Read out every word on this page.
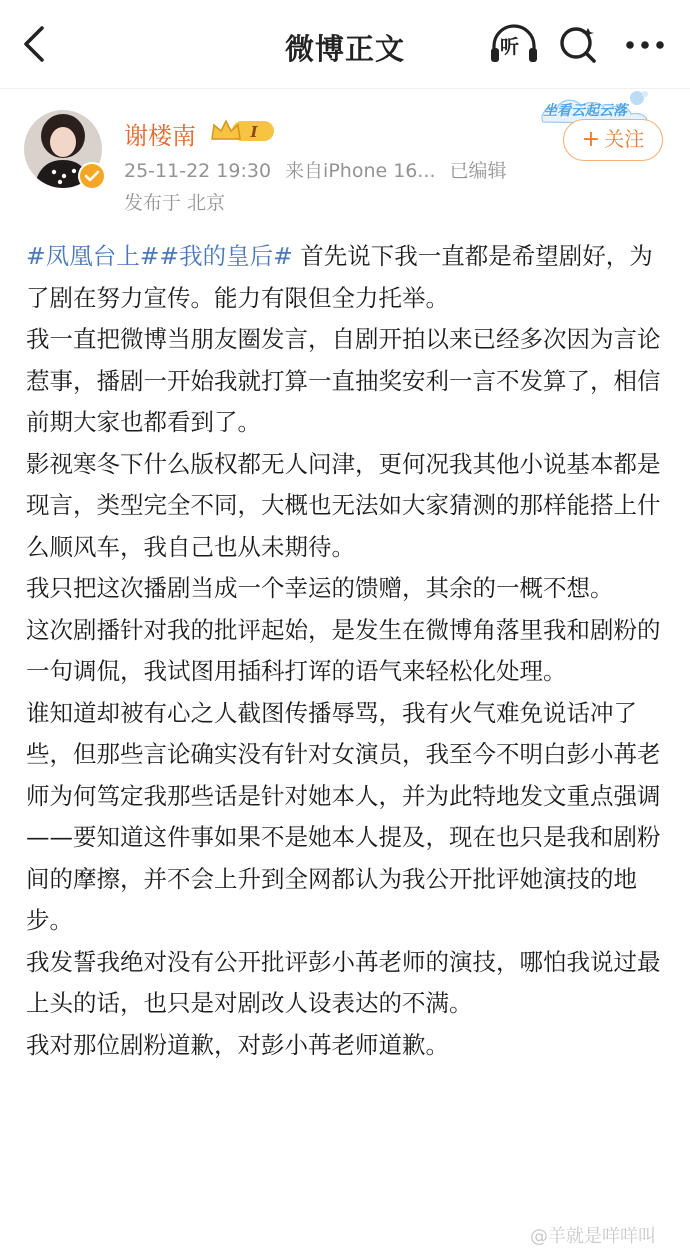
微博正文	听
谢楼南	I
25-11-22 19:30 来自iPhone 16... 已编辑
发布于 北京
坐看云起云落
+ 关注

#凤凰台上##我的皇后# 首先说下我一直都是希望剧好，为了剧在努力宣传。能力有限但全力托举。

我一直把微博当朋友圈发言，自剧开拍以来已经多次因为言论惹事，播剧一开始我就打算一直抽奖安利一言不发算了，相信前期大家也都看到了。

影视寒冬下什么版权都无人问津，更何况我其他小说基本都是现言，类型完全不同，大概也无法如大家猜测的那样能搭上什么顺风车，我自己也从未期待。

我只把这次播剧当成一个幸运的馈赠，其余的一概不想。

这次剧播针对我的批评起始，是发生在微博角落里我和剧粉的一句调侃，我试图用插科打诨的语气来轻松化处理。

谁知道却被有心之人截图传播辱骂，我有火气难免说话冲了些，但那些言论确实没有针对女演员，我至今不明白彭小苒老师为何笃定我那些话是针对她本人，并为此特地发文重点强调——要知道这件事如果不是她本人提及，现在也只是我和剧粉间的摩擦，并不会上升到全网都认为我公开批评她演技的地步。

我发誓我绝对没有公开批评彭小苒老师的演技，哪怕我说过最上头的话，也只是对剧改人设表达的不满。

我对那位剧粉道歉，对彭小苒老师道歉。

@羊就是咩咩叫
